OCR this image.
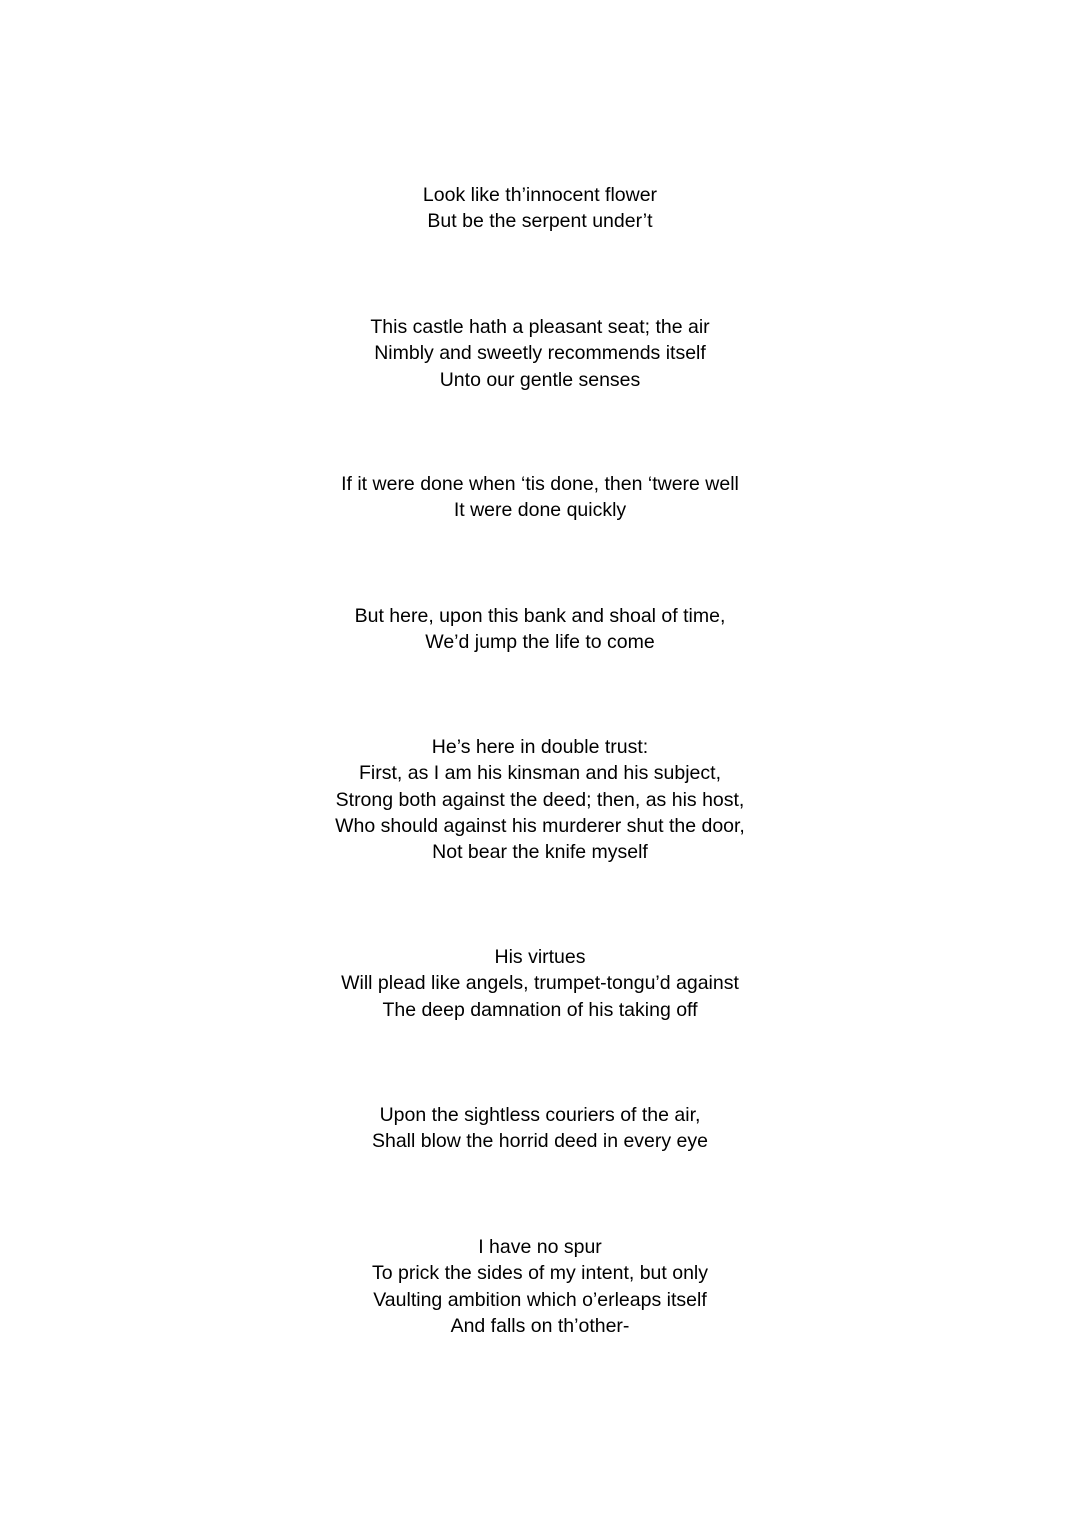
Look like th’innocent flower
But be the serpent under’t
This castle hath a pleasant seat; the air
Nimbly and sweetly recommends itself
Unto our gentle senses
If it were done when ‘tis done, then ‘twere well
It were done quickly
But here, upon this bank and shoal of time,
We’d jump the life to come
He’s here in double trust:
First, as I am his kinsman and his subject,
Strong both against the deed; then, as his host,
Who should against his murderer shut the door,
Not bear the knife myself
His virtues
Will plead like angels, trumpet-tongu’d against
The deep damnation of his taking off
Upon the sightless couriers of the air,
Shall blow the horrid deed in every eye
I have no spur
To prick the sides of my intent, but only
Vaulting ambition which o’erleaps itself
And falls on th’other-
